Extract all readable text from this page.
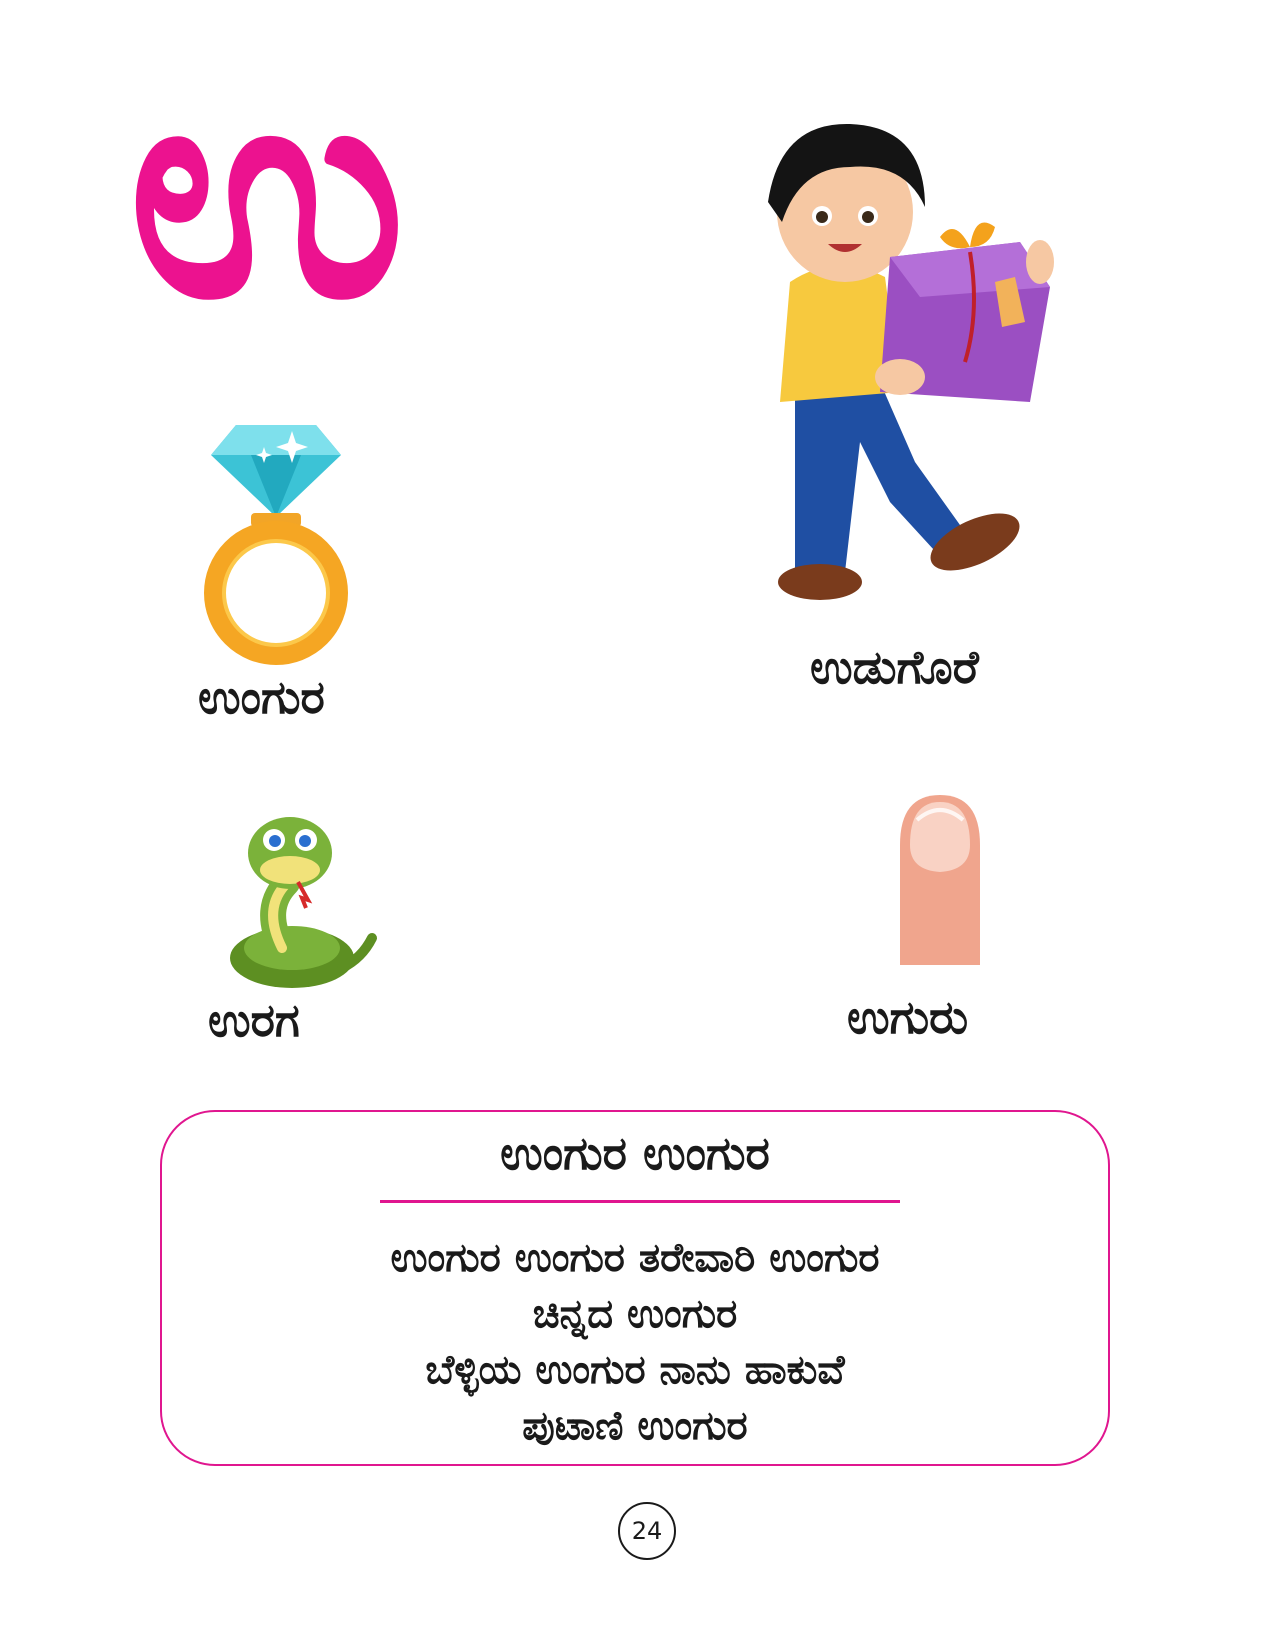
ಉ
ಉಂಗುರ
ಉಡುಗೊರೆ
ಉರಗ	ಉಗುರು
ಉಂಗುರ ಉಂಗುರ
ಉಂಗುರ ಉಂಗುರ ತರೇವಾರಿ ಉಂಗುರ
ಚಿನ್ನದ ಉಂಗುರ
ಬೆಳ್ಳಿಯ ಉಂಗುರ ನಾನು ಹಾಕುವೆ
ಪುಟಾಣಿ ಉಂಗುರ
24
